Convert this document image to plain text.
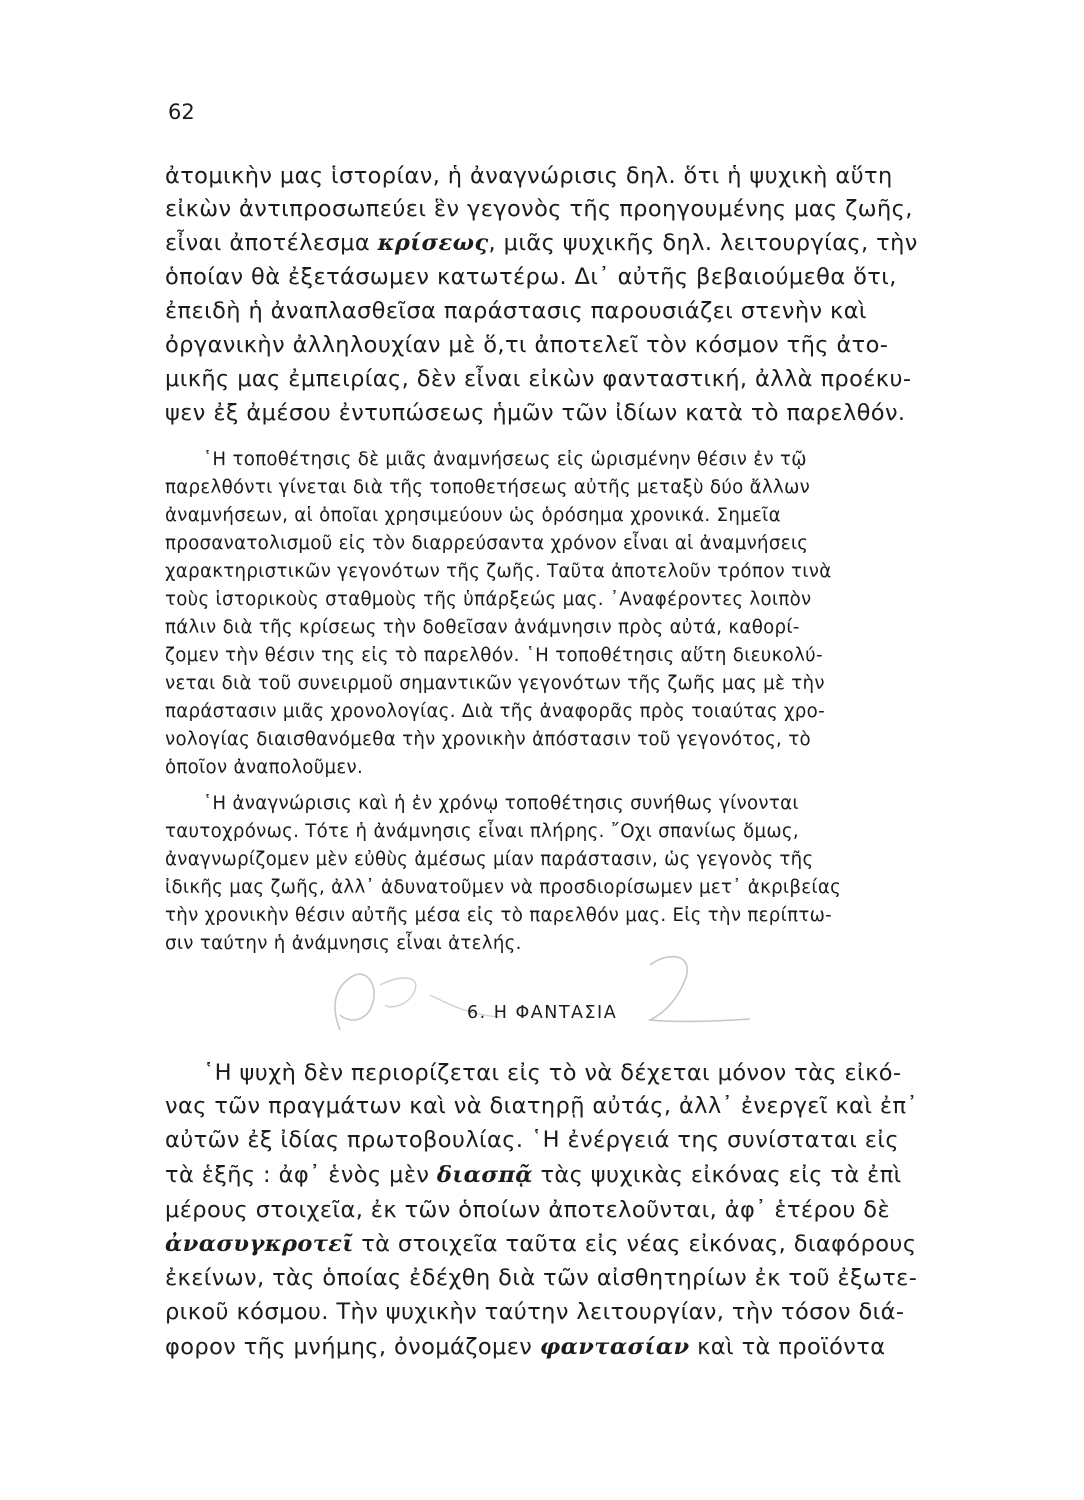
62
ἀτομικὴν μας ἱστορίαν, ἡ ἀναγνώρισις δηλ. ὅτι ἡ ψυχικὴ αὕτη
εἰκὼν ἀντιπροσωπεύει ἓν γεγονὸς τῆς προηγουμένης μας ζωῆς,
εἶναι ἀποτέλεσμα κρίσεως, μιᾶς ψυχικῆς δηλ. λειτουργίας, τὴν
ὁποίαν θὰ ἐξετάσωμεν κατωτέρω. Δι᾿ αὐτῆς βεβαιούμεθα ὅτι,
ἐπειδὴ ἡ ἀναπλασθεῖσα παράστασις παρουσιάζει στενὴν καὶ
ὀργανικὴν ἀλληλουχίαν μὲ ὅ,τι ἀποτελεῖ τὸν κόσμον τῆς ἀτο-
μικῆς μας ἐμπειρίας, δὲν εἶναι εἰκὼν φανταστική, ἀλλὰ προέκυ-
ψεν ἐξ ἀμέσου ἐντυπώσεως ἡμῶν τῶν ἰδίων κατὰ τὸ παρελθόν.
῾Η τοποθέτησις δὲ μιᾶς ἀναμνήσεως εἰς ὡρισμένην θέσιν ἐν τῷ
παρελθόντι γίνεται διὰ τῆς τοποθετήσεως αὐτῆς μεταξὺ δύο ἄλλων
ἀναμνήσεων, αἱ ὁποῖαι χρησιμεύουν ὡς ὁρόσημα χρονικά. Σημεῖα
προσανατολισμοῦ εἰς τὸν διαρρεύσαντα χρόνον εἶναι αἱ ἀναμνήσεις
χαρακτηριστικῶν γεγονότων τῆς ζωῆς. Ταῦτα ἀποτελοῦν τρόπον τινὰ
τοὺς ἱστορικοὺς σταθμοὺς τῆς ὑπάρξεώς μας. ᾿Αναφέροντες λοιπὸν
πάλιν διὰ τῆς κρίσεως τὴν δοθεῖσαν ἀνάμνησιν πρὸς αὐτά, καθορί-
ζομεν τὴν θέσιν της εἰς τὸ παρελθόν. ῾Η τοποθέτησις αὕτη διευκολύ-
νεται διὰ τοῦ συνειρμοῦ σημαντικῶν γεγονότων τῆς ζωῆς μας μὲ τὴν
παράστασιν μιᾶς χρονολογίας. Διὰ τῆς ἀναφορᾶς πρὸς τοιαύτας χρο-
νολογίας διαισθανόμεθα τὴν χρονικὴν ἀπόστασιν τοῦ γεγονότος, τὸ
ὁποῖον ἀναπολοῦμεν.
῾Η ἀναγνώρισις καὶ ἡ ἐν χρόνῳ τοποθέτησις συνήθως γίνονται
ταυτοχρόνως. Τότε ἡ ἀνάμνησις εἶναι πλήρης. ῎Οχι σπανίως ὅμως,
ἀναγνωρίζομεν μὲν εὐθὺς ἀμέσως μίαν παράστασιν, ὡς γεγονὸς τῆς
ἰδικῆς μας ζωῆς, ἀλλ᾿ ἀδυνατοῦμεν νὰ προσδιορίσωμεν μετ᾿ ἀκριβείας
τὴν χρονικὴν θέσιν αὐτῆς μέσα εἰς τὸ παρελθόν μας. Εἰς τὴν περίπτω-
σιν ταύτην ἡ ἀνάμνησις εἶναι ἀτελής.
6. Η ΦΑΝΤΑΣΙΑ
῾Η ψυχὴ δὲν περιορίζεται εἰς τὸ νὰ δέχεται μόνον τὰς εἰκό-
νας τῶν πραγμάτων καὶ νὰ διατηρῇ αὐτάς, ἀλλ᾿ ἐνεργεῖ καὶ ἐπ᾿
αὐτῶν ἐξ ἰδίας πρωτοβουλίας. ῾Η ἐνέργειά της συνίσταται εἰς
τὰ ἑξῆς : ἀφ᾿ ἑνὸς μὲν διασπᾷ τὰς ψυχικὰς εἰκόνας εἰς τὰ ἐπὶ
μέρους στοιχεῖα, ἐκ τῶν ὁποίων ἀποτελοῦνται, ἀφ᾿ ἑτέρου δὲ
ἀνασυγκροτεῖ τὰ στοιχεῖα ταῦτα εἰς νέας εἰκόνας, διαφόρους
ἐκείνων, τὰς ὁποίας ἐδέχθη διὰ τῶν αἰσθητηρίων ἐκ τοῦ ἐξωτε-
ρικοῦ κόσμου. Τὴν ψυχικὴν ταύτην λειτουργίαν, τὴν τόσον διά-
φορον τῆς μνήμης, ὀνομάζομεν φαντασίαν καὶ τὰ προϊόντα
